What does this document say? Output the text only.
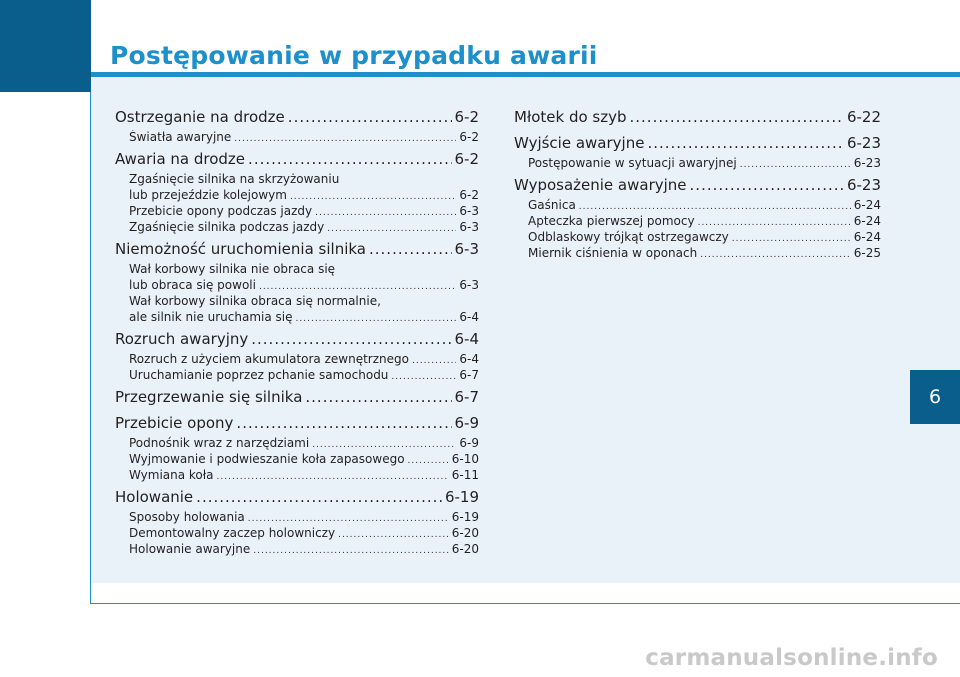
Postępowanie w przypadku awarii
Ostrzeganie na drodze .....	6-2
Światła awaryjne .....	6-2
Awaria na drodze .....	6-2
Zgaśnięcie silnika na skrzyżowaniu
lub przejeździe kolejowym .....	6-2
Przebicie opony podczas jazdy .....	6-3
Zgaśnięcie silnika podczas jazdy .....	6-3
Niemożność uruchomienia silnika .....	6-3
Wał korbowy silnika nie obraca się
lub obraca się powoli .....	6-3
Wał korbowy silnika obraca się normalnie,
ale silnik nie uruchamia się .....	6-4
Rozruch awaryjny .....	6-4
Rozruch z użyciem akumulatora zewnętrznego .....	6-4
Uruchamianie poprzez pchanie samochodu .....	6-7
Przegrzewanie się silnika .....	6-7
Przebicie opony .....	6-9
Podnośnik wraz z narzędziami .....	6-9
Wyjmowanie i podwieszanie koła zapasowego .....	6-10
Wymiana koła .....	6-11
Holowanie .....	6-19
Sposoby holowania .....	6-19
Demontowalny zaczep holowniczy .....	6-20
Holowanie awaryjne .....	6-20
Młotek do szyb .....	6-22
Wyjście awaryjne .....	6-23
Postępowanie w sytuacji awaryjnej .....	6-23
Wyposażenie awaryjne .....	6-23
Gaśnica .....	6-24
Apteczka pierwszej pomocy .....	6-24
Odblaskowy trójkąt ostrzegawczy .....	6-24
Miernik ciśnienia w oponach .....	6-25
6
carmanualsonline.info
